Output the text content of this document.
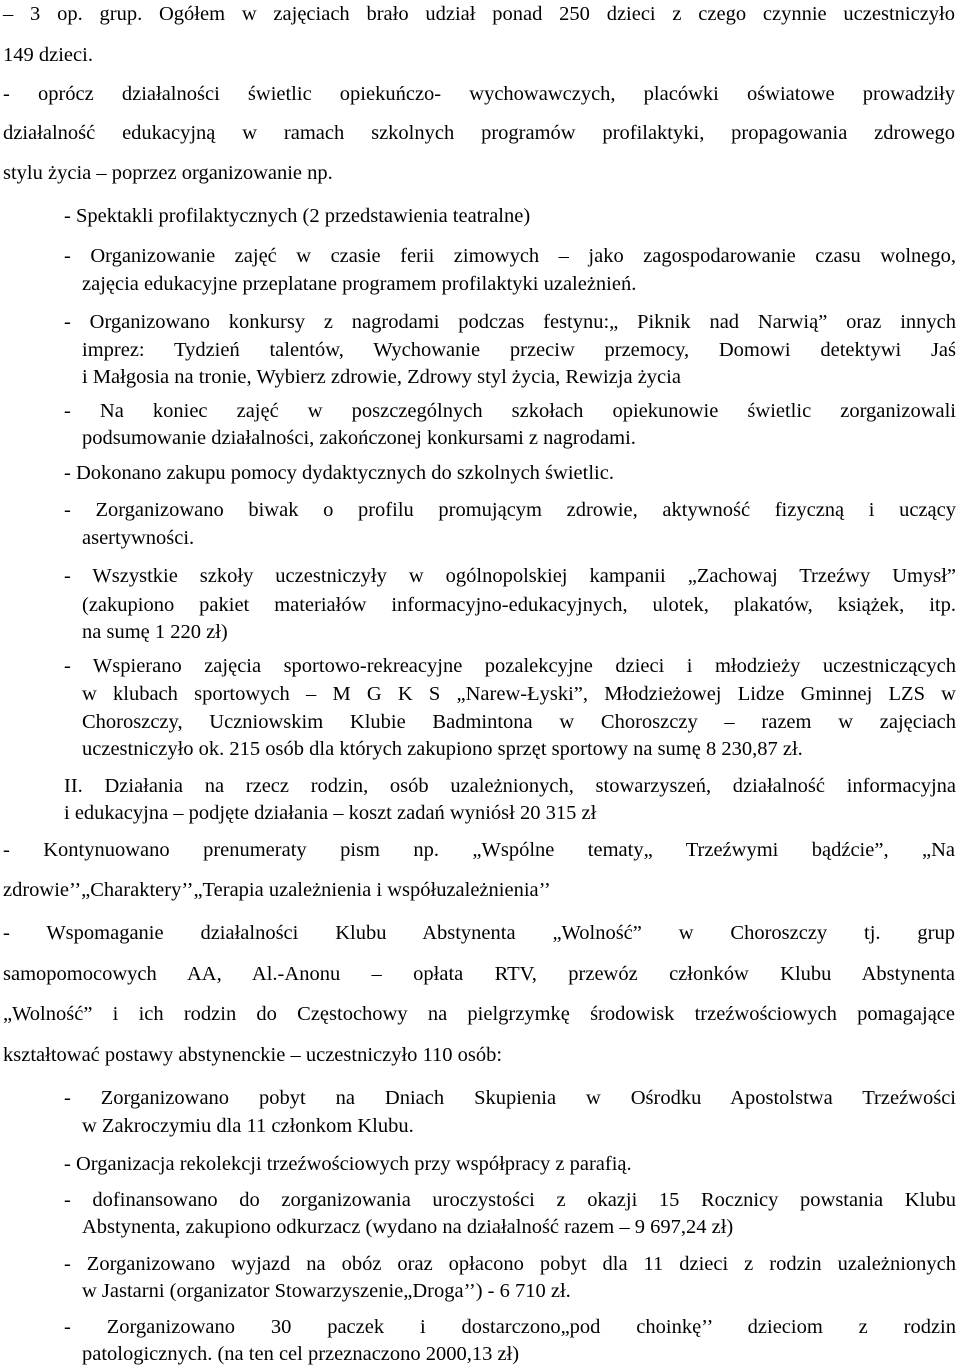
– 3 op. grup. Ogółem w zajęciach brało udział ponad 250 dzieci z czego czynnie uczestniczyło
149 dzieci.
- oprócz działalności świetlic opiekuńczo- wychowawczych, placówki oświatowe prowadziły
działalność edukacyjną w ramach szkolnych programów profilaktyki, propagowania zdrowego
stylu życia – poprzez organizowanie np.
- Spektakli profilaktycznych (2 przedstawienia teatralne)
- Organizowanie zajęć w czasie ferii zimowych – jako zagospodarowanie czasu wolnego,
zajęcia edukacyjne przeplatane programem profilaktyki uzależnień.
- Organizowano konkursy z nagrodami podczas festynu:„ Piknik nad Narwią” oraz innych
imprez: Tydzień talentów, Wychowanie przeciw przemocy, Domowi detektywi Jaś
i Małgosia na tronie, Wybierz zdrowie, Zdrowy styl życia, Rewizja życia
- Na koniec zajęć w poszczególnych szkołach opiekunowie świetlic zorganizowali
podsumowanie działalności, zakończonej konkursami z nagrodami.
- Dokonano zakupu pomocy dydaktycznych do szkolnych świetlic.
- Zorganizowano biwak o profilu promującym zdrowie, aktywność fizyczną i uczący
asertywności.
- Wszystkie szkoły uczestniczyły w ogólnopolskiej kampanii „Zachowaj Trzeźwy Umysł”
(zakupiono pakiet materiałów informacyjno-edukacyjnych, ulotek, plakatów, książek, itp.
na sumę 1 220 zł)
- Wspierano zajęcia sportowo-rekreacyjne pozalekcyjne dzieci i młodzieży uczestniczących
w klubach sportowych – M G K S „Narew-Łyski”, Młodzieżowej Lidze Gminnej LZS w
Choroszczy, Uczniowskim Klubie Badmintona w Choroszczy – razem w zajęciach
uczestniczyło ok. 215 osób dla których zakupiono sprzęt sportowy na sumę 8 230,87 zł.
II. Działania na rzecz rodzin, osób uzależnionych, stowarzyszeń, działalność informacyjna
i edukacyjna – podjęte działania – koszt zadań wyniósł 20 315 zł
- Kontynuowano prenumeraty pism np. „Wspólne tematy„ Trzeźwymi bądźcie”, „Na
zdrowie’’„Charaktery’’„Terapia uzależnienia i współuzależnienia’’
- Wspomaganie działalności Klubu Abstynenta „Wolność” w Choroszczy tj. grup
samopomocowych AA, Al.-Anonu – opłata RTV, przewóz członków Klubu Abstynenta
„Wolność” i ich rodzin do Częstochowy na pielgrzymkę środowisk trzeźwościowych pomagające
kształtować postawy abstynenckie – uczestniczyło 110 osób:
- Zorganizowano pobyt na Dniach Skupienia w Ośrodku Apostolstwa Trzeźwości
w Zakroczymiu dla 11 członkom Klubu.
- Organizacja rekolekcji trzeźwościowych przy współpracy z parafią.
- dofinansowano do zorganizowania uroczystości z okazji 15 Rocznicy powstania Klubu
Abstynenta, zakupiono odkurzacz (wydano na działalność razem – 9 697,24 zł)
- Zorganizowano wyjazd na obóz oraz opłacono pobyt dla 11 dzieci z rodzin uzależnionych
w Jastarni (organizator Stowarzyszenie„Droga’’) - 6 710 zł.
- Zorganizowano 30 paczek i dostarczono„pod choinkę’’ dzieciom z rodzin
patologicznych. (na ten cel przeznaczono 2000,13 zł)
